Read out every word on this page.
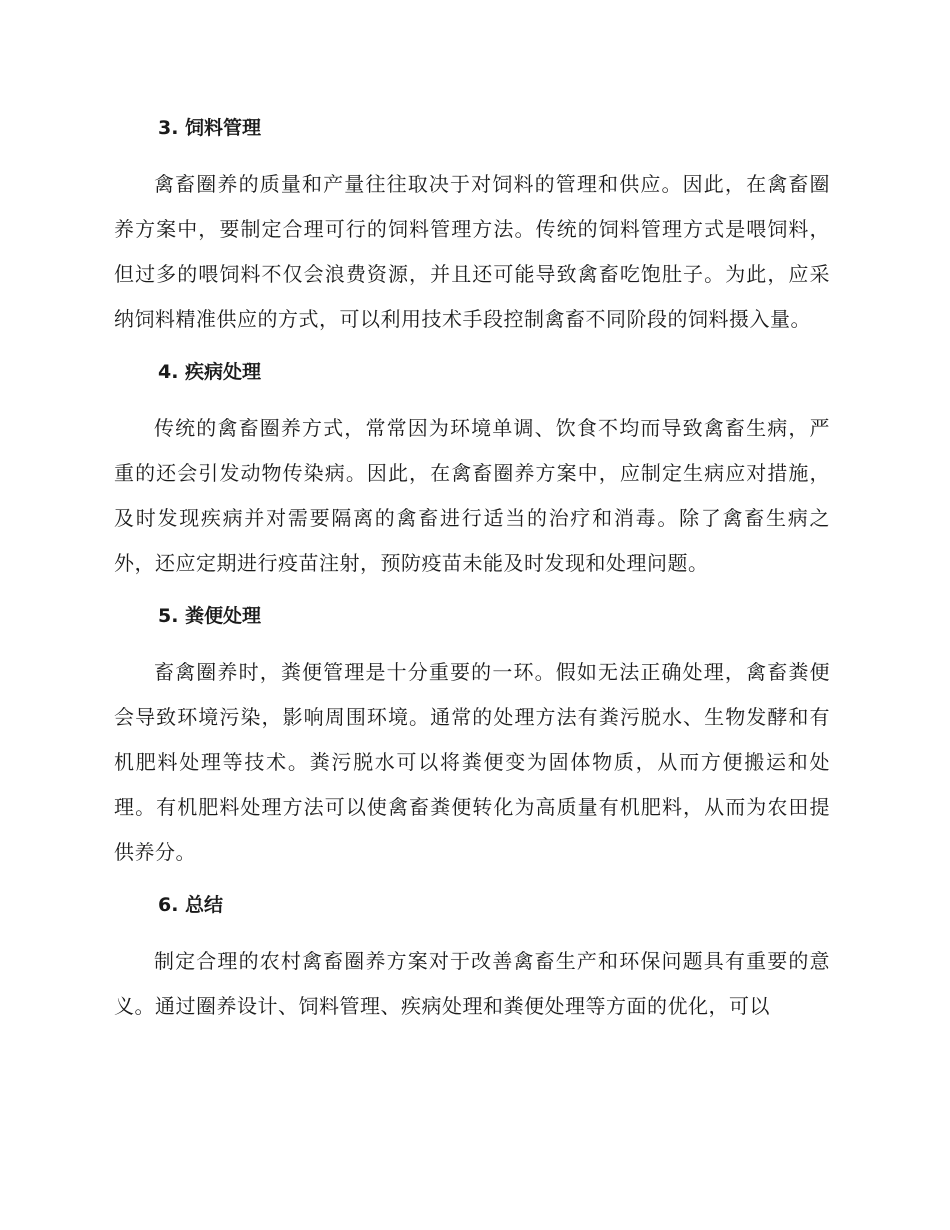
3. 饲料管理

禽畜圈养的质量和产量往往取决于对饲料的管理和供应。因此，在禽畜圈养方案中，要制定合理可行的饲料管理方法。传统的饲料管理方式是喂饲料，但过多的喂饲料不仅会浪费资源，并且还可能导致禽畜吃饱肚子。为此，应采纳饲料精准供应的方式，可以利用技术手段控制禽畜不同阶段的饲料摄入量。

4. 疾病处理

传统的禽畜圈养方式，常常因为环境单调、饮食不均而导致禽畜生病，严重的还会引发动物传染病。因此，在禽畜圈养方案中，应制定生病应对措施，及时发现疾病并对需要隔离的禽畜进行适当的治疗和消毒。除了禽畜生病之外，还应定期进行疫苗注射，预防疫苗未能及时发现和处理问题。

5. 粪便处理

畜禽圈养时，粪便管理是十分重要的一环。假如无法正确处理，禽畜粪便会导致环境污染，影响周围环境。通常的处理方法有粪污脱水、生物发酵和有机肥料处理等技术。粪污脱水可以将粪便变为固体物质，从而方便搬运和处理。有机肥料处理方法可以使禽畜粪便转化为高质量有机肥料，从而为农田提供养分。

6. 总结

制定合理的农村禽畜圈养方案对于改善禽畜生产和环保问题具有重要的意义。通过圈养设计、饲料管理、疾病处理和粪便处理等方面的优化，可以
